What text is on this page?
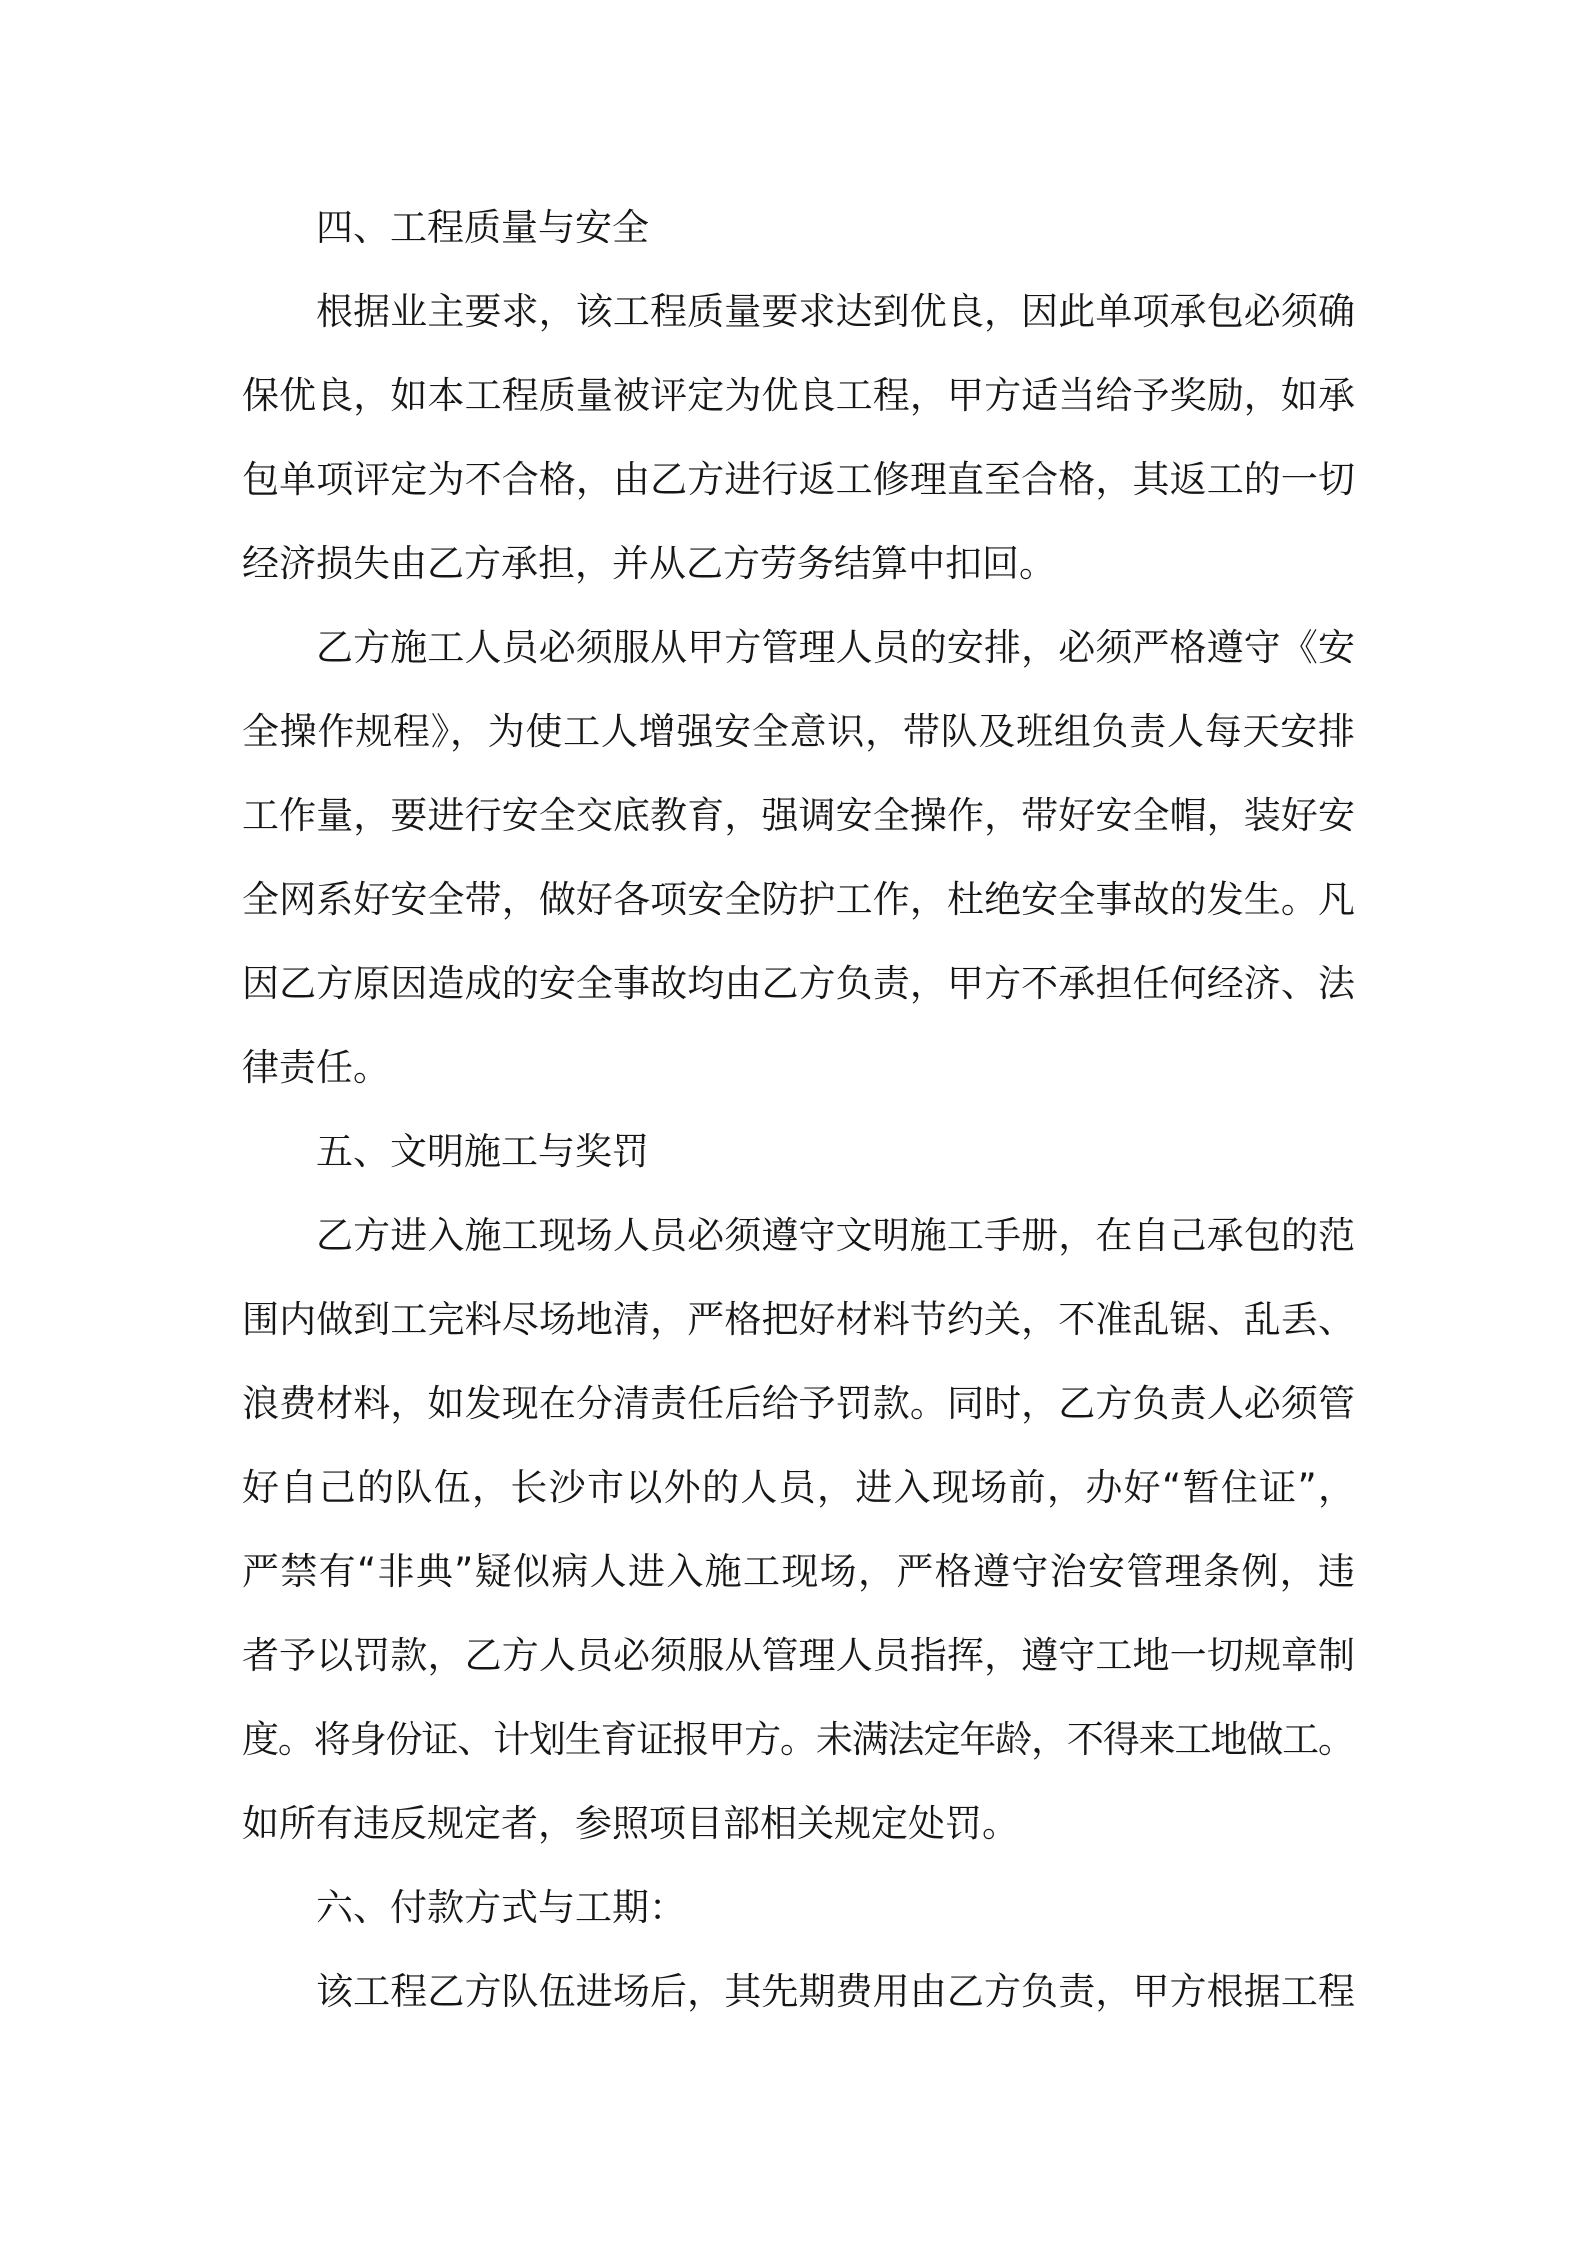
四、工程质量与安全
根据业主要求，该工程质量要求达到优良，因此单项承包必须确
保优良，如本工程质量被评定为优良工程，甲方适当给予奖励，如承
包单项评定为不合格，由乙方进行返工修理直至合格，其返工的一切
经济损失由乙方承担，并从乙方劳务结算中扣回。
乙方施工人员必须服从甲方管理人员的安排，必须严格遵守《安
全操作规程》，为使工人增强安全意识，带队及班组负责人每天安排
工作量，要进行安全交底教育，强调安全操作，带好安全帽，装好安
全网系好安全带，做好各项安全防护工作，杜绝安全事故的发生。凡
因乙方原因造成的安全事故均由乙方负责，甲方不承担任何经济、法
律责任。
五、文明施工与奖罚
乙方进入施工现场人员必须遵守文明施工手册，在自己承包的范
围内做到工完料尽场地清，严格把好材料节约关，不准乱锯、乱丢、
浪费材料，如发现在分清责任后给予罚款。同时，乙方负责人必须管
好自己的队伍，长沙市以外的人员，进入现场前，办好“暂住证”，
严禁有“非典”疑似病人进入施工现场，严格遵守治安管理条例，违
者予以罚款，乙方人员必须服从管理人员指挥，遵守工地一切规章制
度。将身份证、计划生育证报甲方。未满法定年龄，不得来工地做工。
如所有违反规定者，参照项目部相关规定处罚。
六、付款方式与工期：
该工程乙方队伍进场后，其先期费用由乙方负责，甲方根据工程
